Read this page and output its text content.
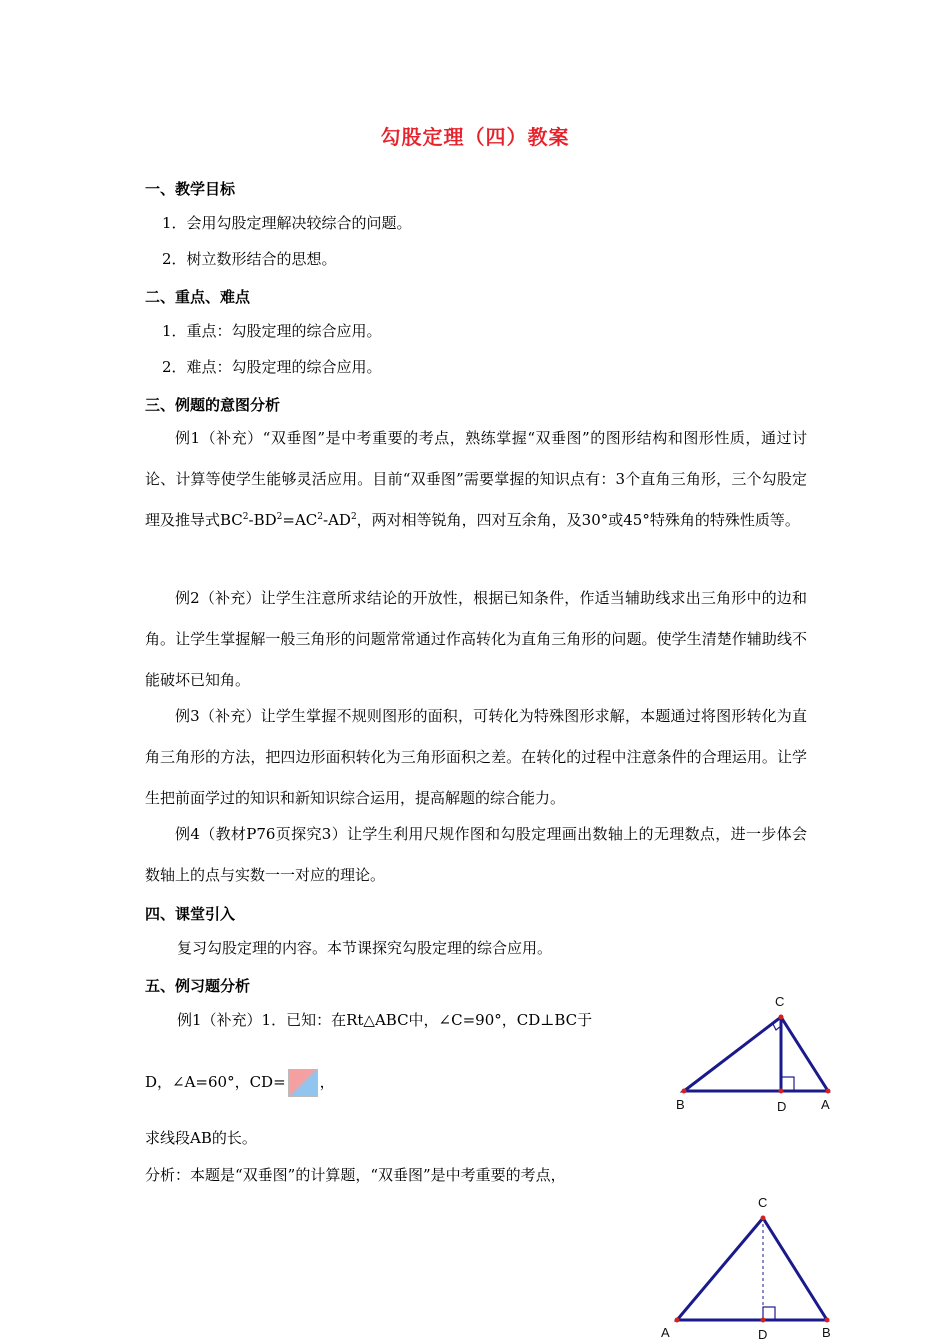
勾股定理（四）教案
一、教学目标
1．会用勾股定理解决较综合的问题。
2．树立数形结合的思想。
二、重点、难点
1．重点：勾股定理的综合应用。
2．难点：勾股定理的综合应用。
三、例题的意图分析
例1（补充）“双垂图”是中考重要的考点，熟练掌握“双垂图”的图形结构和图形性质，通过讨论、计算等使学生能够灵活应用。目前“双垂图”需要掌握的知识点有：3个直角三角形，三个勾股定理及推导式$BC^2-BD^2=AC^2-AD^2$，两对相等锐角，四对互余角，及30°或45°特殊角的特殊性质等。
例2（补充）让学生注意所求结论的开放性，根据已知条件，作适当辅助线求出三角形中的边和角。让学生掌握解一般三角形的问题常常通过作高转化为直角三角形的问题。使学生清楚作辅助线不能破坏已知角。
例3（补充）让学生掌握不规则图形的面积，可转化为特殊图形求解，本题通过将图形转化为直角三角形的方法，把四边形面积转化为三角形面积之差。在转化的过程中注意条件的合理运用。让学生把前面学过的知识和新知识综合运用，提高解题的综合能力。
例4（教材P76页探究3）让学生利用尺规作图和勾股定理画出数轴上的无理数点，进一步体会数轴上的点与实数一一对应的理论。
四、课堂引入
复习勾股定理的内容。本节课探究勾股定理的综合应用。
五、例习题分析
例1（补充）1．已知：在Rt△ABC中，∠C=90°，CD⊥BC于
D，∠A=60°，CD= ，
求线段AB的长。
分析：本题是“双垂图”的计算题，“双垂图”是中考重要的考点，
C
B	D	A
C
A	D	B
